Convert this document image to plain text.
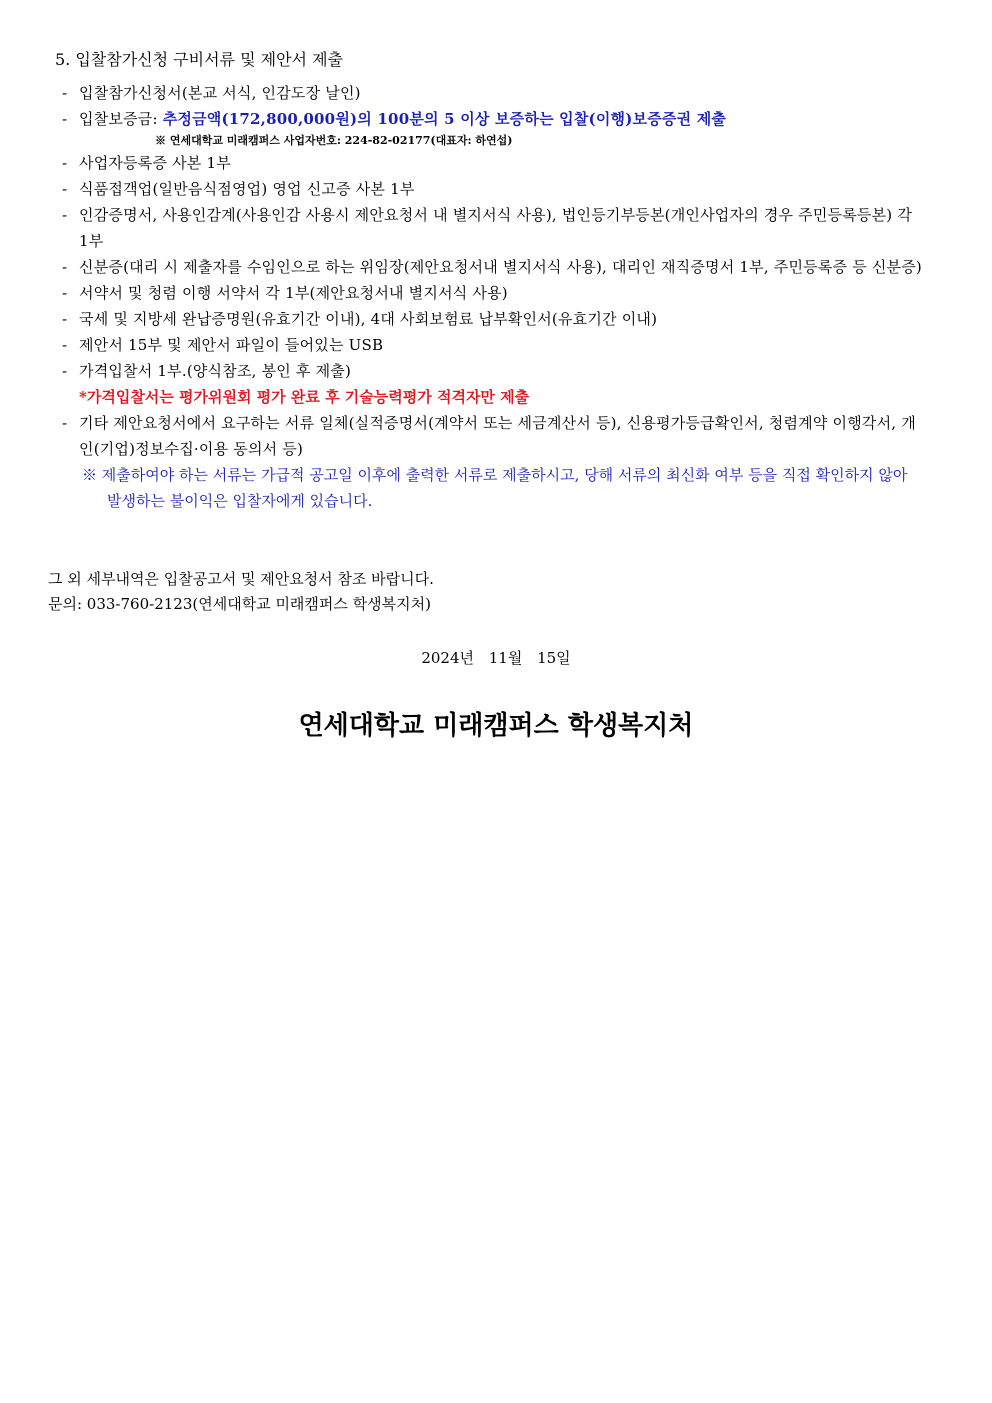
5. 입찰참가신청 구비서류 및 제안서 제출
- 입찰참가신청서(본교 서식, 인감도장 날인)
- 입찰보증금: 추정금액(172,800,000원)의 100분의 5 이상 보증하는 입찰(이행)보증증권 제출
※ 연세대학교 미래캠퍼스 사업자번호: 224-82-02177(대표자: 하연섭)
- 사업자등록증 사본 1부
- 식품접객업(일반음식점영업) 영업 신고증 사본 1부
- 인감증명서, 사용인감계(사용인감 사용시 제안요청서 내 별지서식 사용), 법인등기부등본(개인사업자의 경우 주민등록등본) 각 1부
- 신분증(대리 시 제출자를 수임인으로 하는 위임장(제안요청서내 별지서식 사용), 대리인 재직증명서 1부, 주민등록증 등 신분증)
- 서약서 및 청렴 이행 서약서 각 1부(제안요청서내 별지서식 사용)
- 국세 및 지방세 완납증명원(유효기간 이내), 4대 사회보험료 납부확인서(유효기간 이내)
- 제안서 15부 및 제안서 파일이 들어있는 USB
- 가격입찰서 1부.(양식참조, 봉인 후 제출)
*가격입찰서는 평가위원회 평가 완료 후 기술능력평가 적격자만 제출
- 기타 제안요청서에서 요구하는 서류 일체(실적증명서(계약서 또는 세금계산서 등), 신용평가등급확인서, 청렴계약 이행각서, 개인(기업)정보수집·이용 동의서 등)
※ 제출하여야 하는 서류는 가급적 공고일 이후에 출력한 서류로 제출하시고, 당해 서류의 최신화 여부 등을 직접 확인하지 않아 발생하는 불이익은 입찰자에게 있습니다.
그 외 세부내역은 입찰공고서 및 제안요청서 참조 바랍니다.
문의: 033-760-2123(연세대학교 미래캠퍼스 학생복지처)
2024년 11월 15일
연세대학교 미래캠퍼스 학생복지처
